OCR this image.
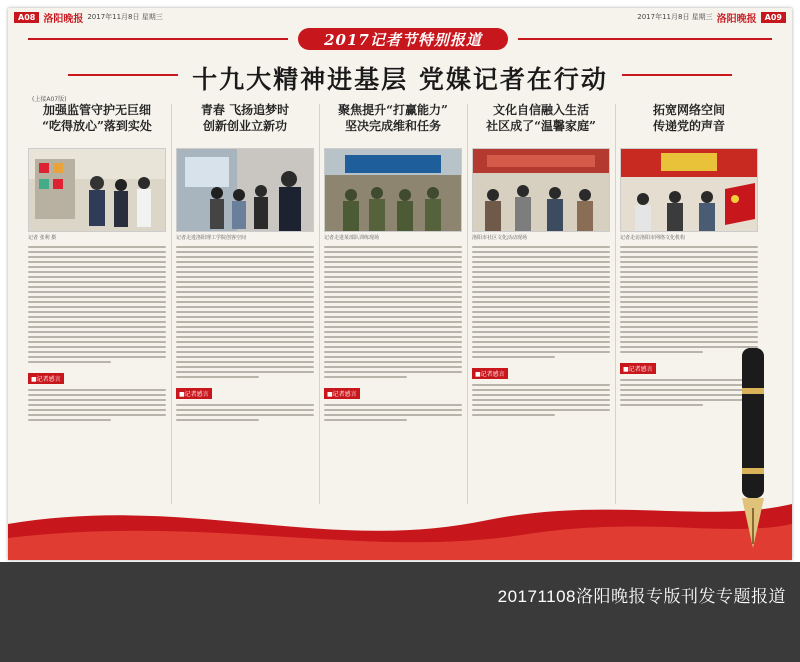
A08 洛阳晚报 2017年11月8日 星期三	2017年11月8日 星期三 洛阳晚报	A09
2017记者节特别报道
十九大精神进基层 党媒记者在行动
(上接A07版)
加强监管守护无巨细
“吃得放心”落到实处
记者 张利 摄
■记者感言
青春 飞扬追梦时
创新创业立新功
记者走进洛阳理工学院创客空间
■记者感言
聚焦提升“打赢能力”
坚决完成维和任务
记者走进某部队训练现场
■记者感言
文化自信融入生活
社区成了“温馨家庭”
洛阳市社区文化活动现场
■记者感言
拓宽网络空间
传递党的声音
记者走访洛阳市网络文化机构
■记者感言
20171108洛阳晚报专版刊发专题报道
